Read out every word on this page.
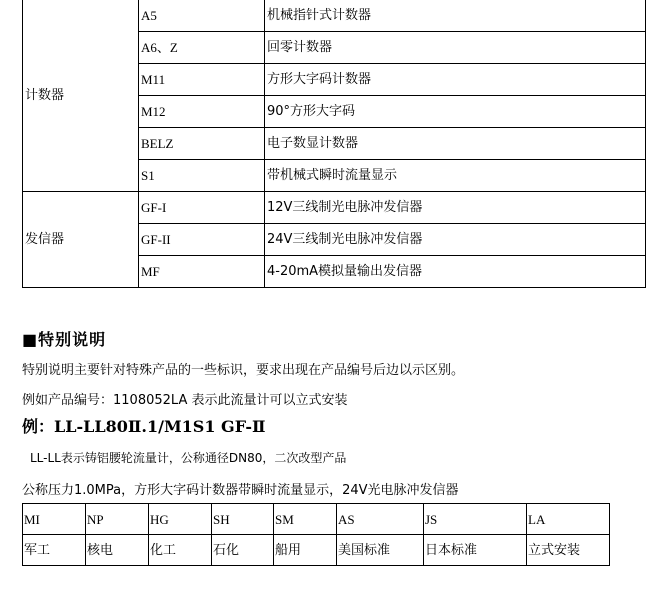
计数器	A5	机械指针式计数器
	A6、Z	回零计数器
	M11	方形大字码计数器
	M12	90°方形大字码
	BELZ	电子数显计数器
	S1	带机械式瞬时流量显示
发信器	GF-I	12V三线制光电脉冲发信器
	GF-II	24V三线制光电脉冲发信器
	MF	4-20mA模拟量输出发信器
■特别说明
特别说明主要针对特殊产品的一些标识，要求出现在产品编号后边以示区别。
例如产品编号：1108052LA 表示此流量计可以立式安装
例：LL-LL80Ⅱ.1/M1S1 GF-Ⅱ
LL-LL表示铸铝腰轮流量计，公称通径DN80，二次改型产品
公称压力1.0MPa，方形大字码计数器带瞬时流量显示，24V光电脉冲发信器
MI	NP	HG	SH	SM	AS	JS	LA
军工	核电	化工	石化	船用	美国标准	日本标准	立式安装
